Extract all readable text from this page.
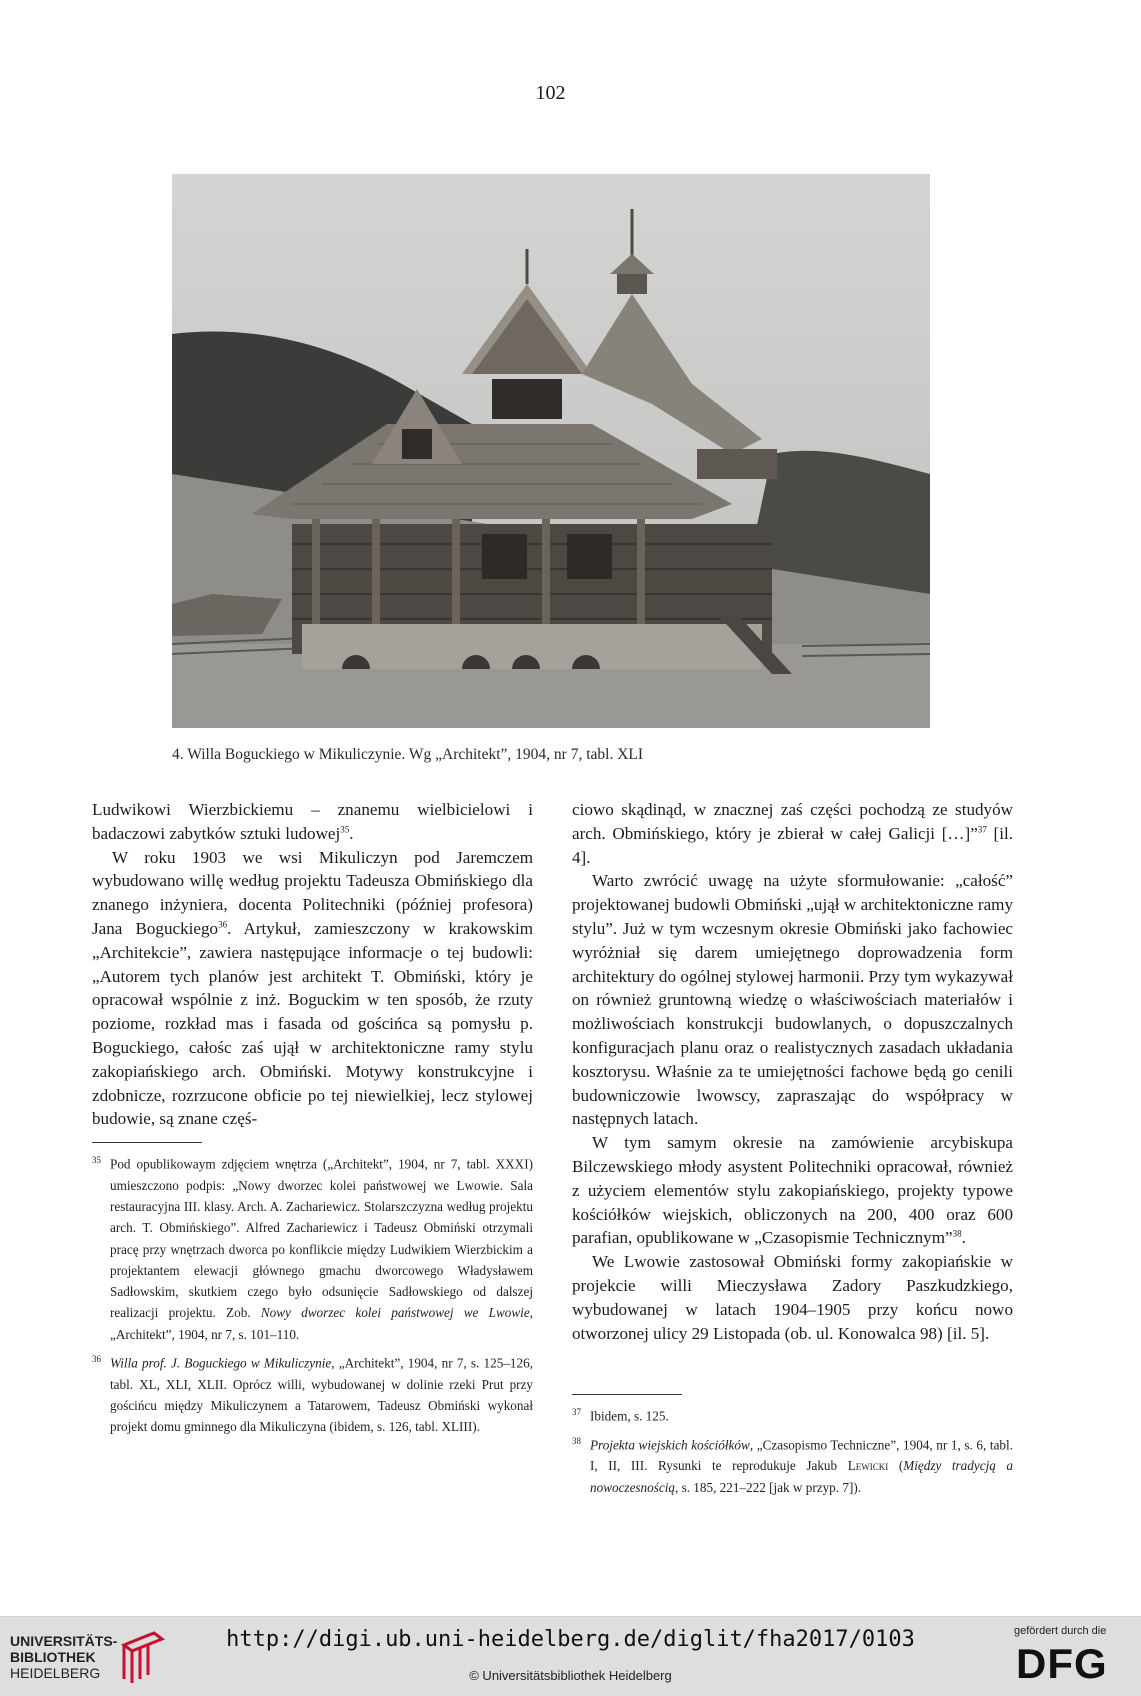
102
4. Willa Boguckiego w Mikuliczynie. Wg „Architekt”, 1904, nr 7, tabl. XLI

Ludwikowi Wierzbickiemu – znanemu wielbicielowi i badaczowi zabytków sztuki ludowej$^{35}$.

W roku 1903 we wsi Mikuliczyn pod Jaremczem wybudowano willę według projektu Tadeusza Obmińskiego dla znanego inżyniera, docenta Politechniki (później profesora) Jana Boguckiego$^{36}$. Artykuł, zamieszczony w krakowskim „Architekcie”, zawiera następujące informacje o tej budowli: „Autorem tych planów jest architekt T. Obmiński, który je opracował wspólnie z inż. Boguckim w ten sposób, że rzuty poziome, rozkład mas i fasada od gościńca są pomysłu p. Boguckiego, całośc zaś ujął w architektoniczne ramy stylu zakopiańskiego arch. Obmiński. Motywy konstrukcyjne i zdobnicze, rozrzucone obficie po tej niewielkiej, lecz stylowej budowie, są znane częś-

35 Pod opublikowaym zdjęciem wnętrza („Architekt”, 1904, nr 7, tabl. XXXI) umieszczono podpis: „Nowy dworzec kolei państwowej we Lwowie. Sala restauracyjna III. klasy. Arch. A. Zachariewicz. Stolarszczyzna według projektu arch. T. Obmińskiego”. Alfred Zachariewicz i Tadeusz Obmiński otrzymali pracę przy wnętrzach dworca po konflikcie między Ludwikiem Wierzbickim a projektantem elewacji głównego gmachu dworcowego Władysławem Sadłowskim, skutkiem czego było odsunięcie Sadłowskiego od dalszej realizacji projektu. Zob. Nowy dworzec kolei państwowej we Lwowie, „Architekt”, 1904, nr 7, s. 101–110.

36 Willa prof. J. Boguckiego w Mikuliczynie, „Architekt”, 1904, nr 7, s. 125–126, tabl. XL, XLI, XLII. Oprócz willi, wybudowanej w dolinie rzeki Prut przy gościńcu między Mikuliczynem a Tatarowem, Tadeusz Obmiński wykonał projekt domu gminnego dla Mikuliczyna (ibidem, s. 126, tabl. XLIII).

ciowo skądinąd, w znacznej zaś części pochodzą ze studyów arch. Obmińskiego, który je zbierał w całej Galicji […]”$^{37}$ [il. 4].

Warto zwrócić uwagę na użyte sformułowanie: „całość” projektowanej budowli Obmiński „ujął w architektoniczne ramy stylu”. Już w tym wczesnym okresie Obmiński jako fachowiec wyróżniał się darem umiejętnego doprowadzenia form architektury do ogólnej stylowej harmonii. Przy tym wykazywał on również gruntowną wiedzę o właściwościach materiałów i możliwościach konstrukcji budowlanych, o dopuszczalnych konfiguracjach planu oraz o realistycznych zasadach układania kosztorysu. Właśnie za te umiejętności fachowe będą go cenili budowniczowie lwowscy, zapraszając do współpracy w następnych latach.

W tym samym okresie na zamówienie arcybiskupa Bilczewskiego młody asystent Politechniki opracował, również z użyciem elementów stylu zakopiańskiego, projekty typowe kościółków wiejskich, obliczonych na 200, 400 oraz 600 parafian, opublikowane w „Czasopismie Technicznym”$^{38}$.

We Lwowie zastosował Obmiński formy zakopiańskie w projekcie willi Mieczysława Zadory Paszkudzkiego, wybudowanej w latach 1904–1905 przy końcu nowo otworzonej ulicy 29 Listopada (ob. ul. Konowalca 98) [il. 5].

37 Ibidem, s. 125.

38 Projekta wiejskich kościółków, „Czasopismo Techniczne”, 1904, nr 1, s. 6, tabl. I, II, III. Rysunki te reprodukuje Jakub Lewicki (Między tradycją a nowoczesnością, s. 185, 221–222 [jak w przyp. 7]).

UNIVERSITÄTS-
BIBLIOTHEK
HEIDELBERG
http://digi.ub.uni-heidelberg.de/diglit/fha2017/0103
© Universitätsbibliothek Heidelberg
gefördert durch die
DFG
